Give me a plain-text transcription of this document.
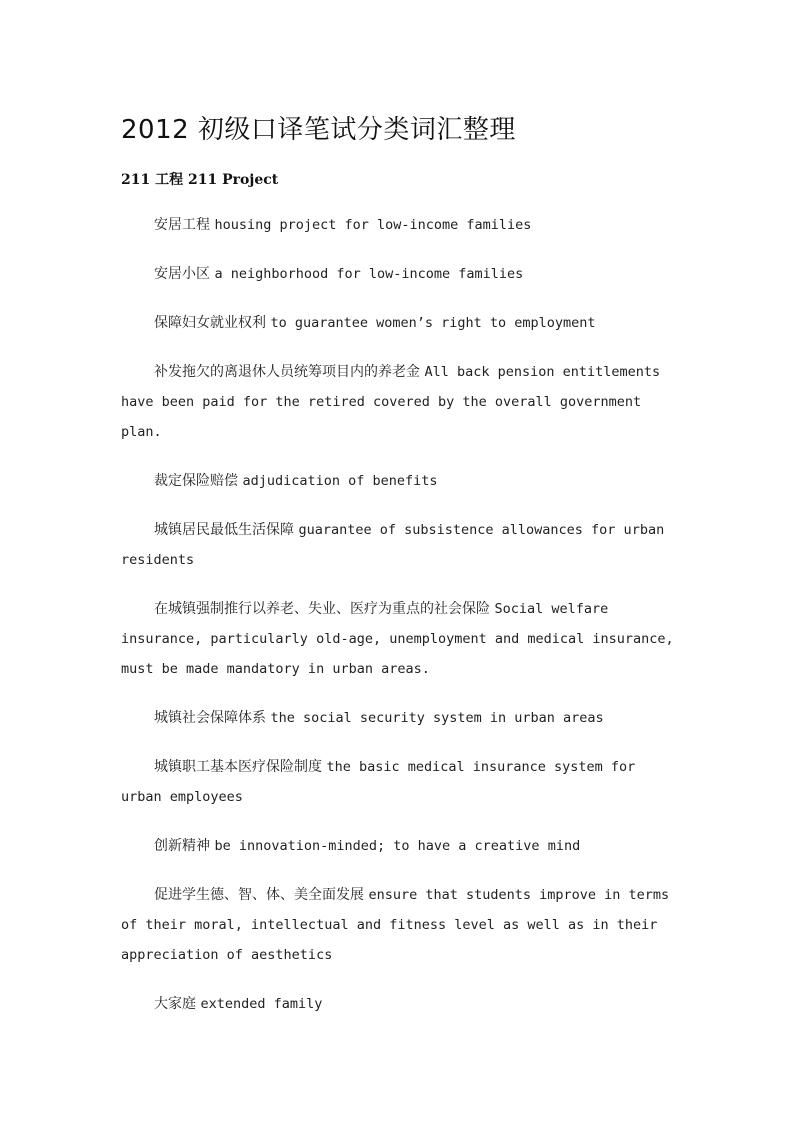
2012 初级口译笔试分类词汇整理
211 工程 211 Project

安居工程 housing project for low-income families

安居小区 a neighborhood for low-income families

保障妇女就业权利 to guarantee women’s right to employment

补发拖欠的离退休人员统筹项目内的养老金 All back pension entitlements have been paid for the retired covered by the overall government plan.

裁定保险赔偿 adjudication of benefits

城镇居民最低生活保障 guarantee of subsistence allowances for urban residents

在城镇强制推行以养老、失业、医疗为重点的社会保险 Social welfare insurance, particularly old-age, unemployment and medical insurance, must be made mandatory in urban areas.

城镇社会保障体系 the social security system in urban areas

城镇职工基本医疗保险制度 the basic medical insurance system for urban employees

创新精神 be innovation-minded; to have a creative mind

促进学生德、智、体、美全面发展 ensure that students improve in terms of their moral, intellectual and fitness level as well as in their appreciation of aesthetics

大家庭 extended family
